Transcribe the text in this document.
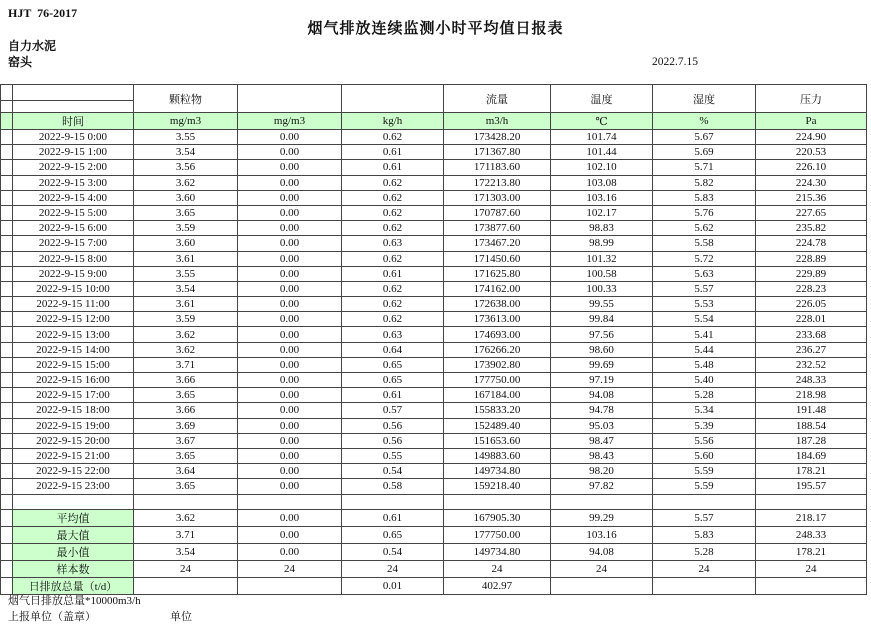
HJT  76-2017
烟气排放连续监测小时平均值日报表
自力水泥
窑头	2022.7.15
		颗粒物			流量	温度	湿度	压力

	时间	mg/m3	mg/m3	kg/h	m3/h	℃	%	Pa
	2022-9-15 0:00	3.55	0.00	0.62	173428.20	101.74	5.67	224.90
	2022-9-15 1:00	3.54	0.00	0.61	171367.80	101.44	5.69	220.53
	2022-9-15 2:00	3.56	0.00	0.61	171183.60	102.10	5.71	226.10
	2022-9-15 3:00	3.62	0.00	0.62	172213.80	103.08	5.82	224.30
	2022-9-15 4:00	3.60	0.00	0.62	171303.00	103.16	5.83	215.36
	2022-9-15 5:00	3.65	0.00	0.62	170787.60	102.17	5.76	227.65
	2022-9-15 6:00	3.59	0.00	0.62	173877.60	98.83	5.62	235.82
	2022-9-15 7:00	3.60	0.00	0.63	173467.20	98.99	5.58	224.78
	2022-9-15 8:00	3.61	0.00	0.62	171450.60	101.32	5.72	228.89
	2022-9-15 9:00	3.55	0.00	0.61	171625.80	100.58	5.63	229.89
	2022-9-15 10:00	3.54	0.00	0.62	174162.00	100.33	5.57	228.23
	2022-9-15 11:00	3.61	0.00	0.62	172638.00	99.55	5.53	226.05
	2022-9-15 12:00	3.59	0.00	0.62	173613.00	99.84	5.54	228.01
	2022-9-15 13:00	3.62	0.00	0.63	174693.00	97.56	5.41	233.68
	2022-9-15 14:00	3.62	0.00	0.64	176266.20	98.60	5.44	236.27
	2022-9-15 15:00	3.71	0.00	0.65	173902.80	99.69	5.48	232.52
	2022-9-15 16:00	3.66	0.00	0.65	177750.00	97.19	5.40	248.33
	2022-9-15 17:00	3.65	0.00	0.61	167184.00	94.08	5.28	218.98
	2022-9-15 18:00	3.66	0.00	0.57	155833.20	94.78	5.34	191.48
	2022-9-15 19:00	3.69	0.00	0.56	152489.40	95.03	5.39	188.54
	2022-9-15 20:00	3.67	0.00	0.56	151653.60	98.47	5.56	187.28
	2022-9-15 21:00	3.65	0.00	0.55	149883.60	98.43	5.60	184.69
	2022-9-15 22:00	3.64	0.00	0.54	149734.80	98.20	5.59	178.21
	2022-9-15 23:00	3.65	0.00	0.58	159218.40	97.82	5.59	195.57

	平均值	3.62	0.00	0.61	167905.30	99.29	5.57	218.17
	最大值	3.71	0.00	0.65	177750.00	103.16	5.83	248.33
	最小值	3.54	0.00	0.54	149734.80	94.08	5.28	178.21
	样本数	24	24	24	24	24	24	24
	日排放总量（t/d）			0.01	402.97			
烟气日排放总量*10000m3/h
上报单位（盖章）	单位
